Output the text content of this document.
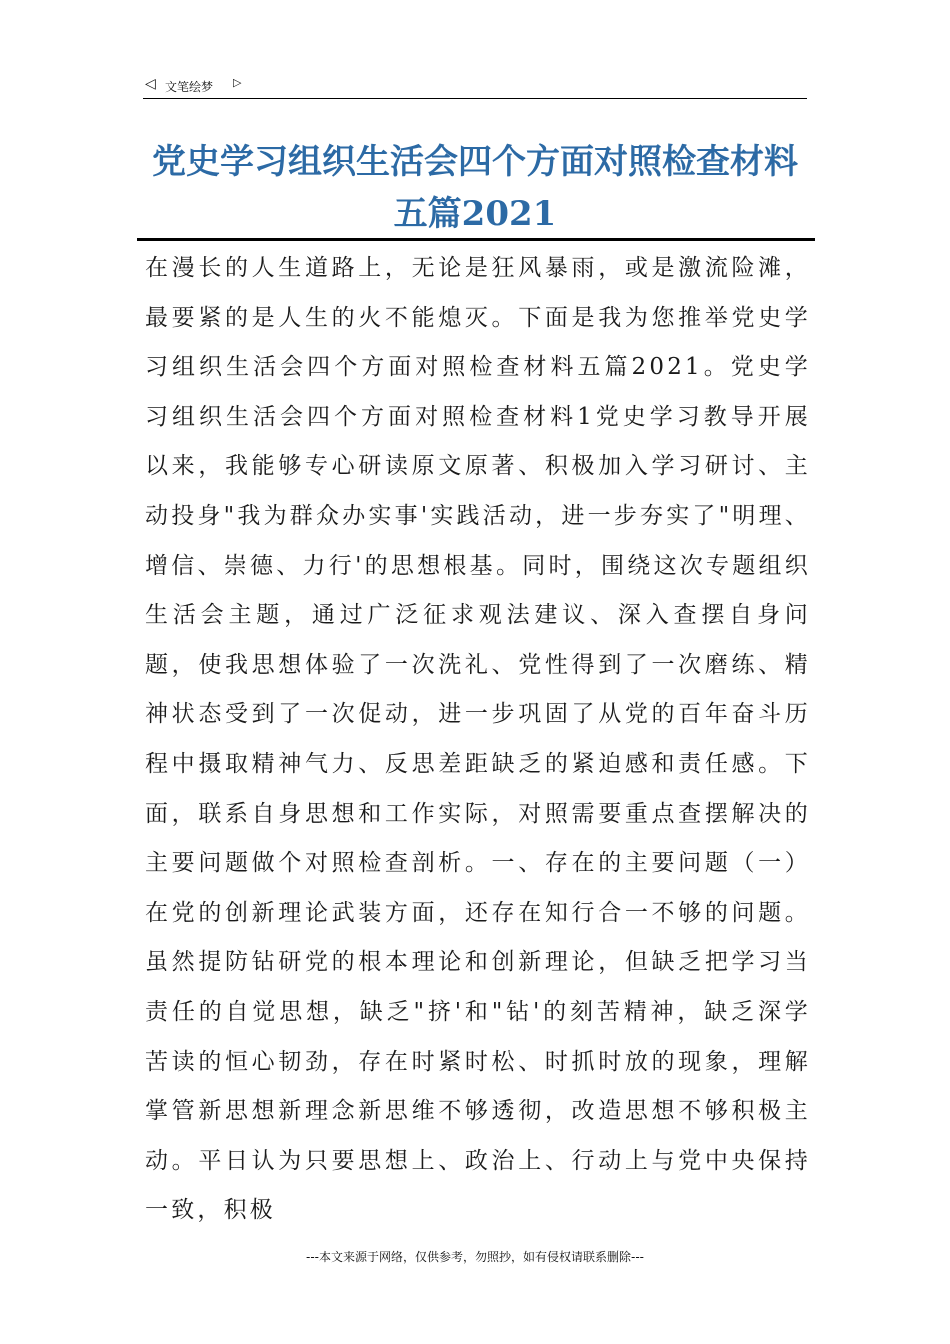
◁ 文笔绘梦 ▷
党史学习组织生活会四个方面对照检查材料五篇2021

在漫长的人生道路上，无论是狂风暴雨，或是激流险滩，最要紧的是人生的火不能熄灭。下面是我为您推举党史学习组织生活会四个方面对照检查材料五篇2021。党史学习组织生活会四个方面对照检查材料1党史学习教导开展以来，我能够专心研读原文原著、积极加入学习研讨、主动投身"我为群众办实事'实践活动，进一步夯实了"明理、增信、崇德、力行'的思想根基。同时，围绕这次专题组织生活会主题，通过广泛征求观法建议、深入查摆自身问题，使我思想体验了一次洗礼、党性得到了一次磨练、精神状态受到了一次促动，进一步巩固了从党的百年奋斗历程中摄取精神气力、反思差距缺乏的紧迫感和责任感。下面，联系自身思想和工作实际，对照需要重点查摆解决的主要问题做个对照检查剖析。一、存在的主要问题（一）在党的创新理论武装方面，还存在知行合一不够的问题。虽然提防钻研党的根本理论和创新理论，但缺乏把学习当责任的自觉思想，缺乏"挤'和"钻'的刻苦精神，缺乏深学苦读的恒心韧劲，存在时紧时松、时抓时放的现象，理解掌管新思想新理念新思维不够透彻，改造思想不够积极主动。平日认为只要思想上、政治上、行动上与党中央保持一致，积极

---本文来源于网络，仅供参考，勿照抄，如有侵权请联系删除---
